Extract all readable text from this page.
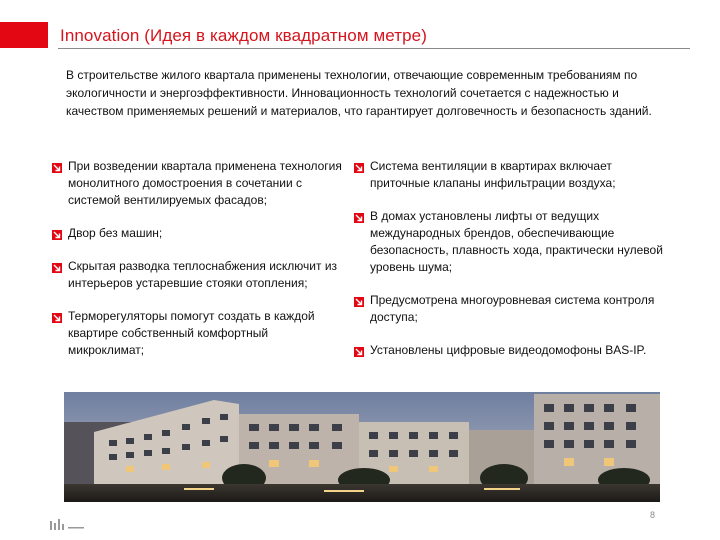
Innovation (Идея в каждом квадратном метре)
В строительстве жилого квартала применены технологии, отвечающие современным требованиям по экологичности и энергоэффективности. Инновационность технологий сочетается с надежностью и качеством применяемых решений и материалов, что гарантирует долговечность и безопасность зданий.
При возведении квартала применена технология монолитного домостроения в сочетании с системой вентилируемых фасадов;
Двор без машин;
Скрытая разводка теплоснабжения исключит из интерьеров устаревшие стояки отопления;
Терморегуляторы помогут создать в каждой квартире собственный комфортный микроклимат;
Система вентиляции в квартирах включает приточные клапаны инфильтрации воздуха;
В домах установлены лифты от ведущих международных брендов, обеспечивающие безопасность, плавность хода, практически нулевой уровень шума;
Предусмотрена многоуровневая система контроля доступа;
Установлены цифровые видеодомофоны BAS-IP.
8
